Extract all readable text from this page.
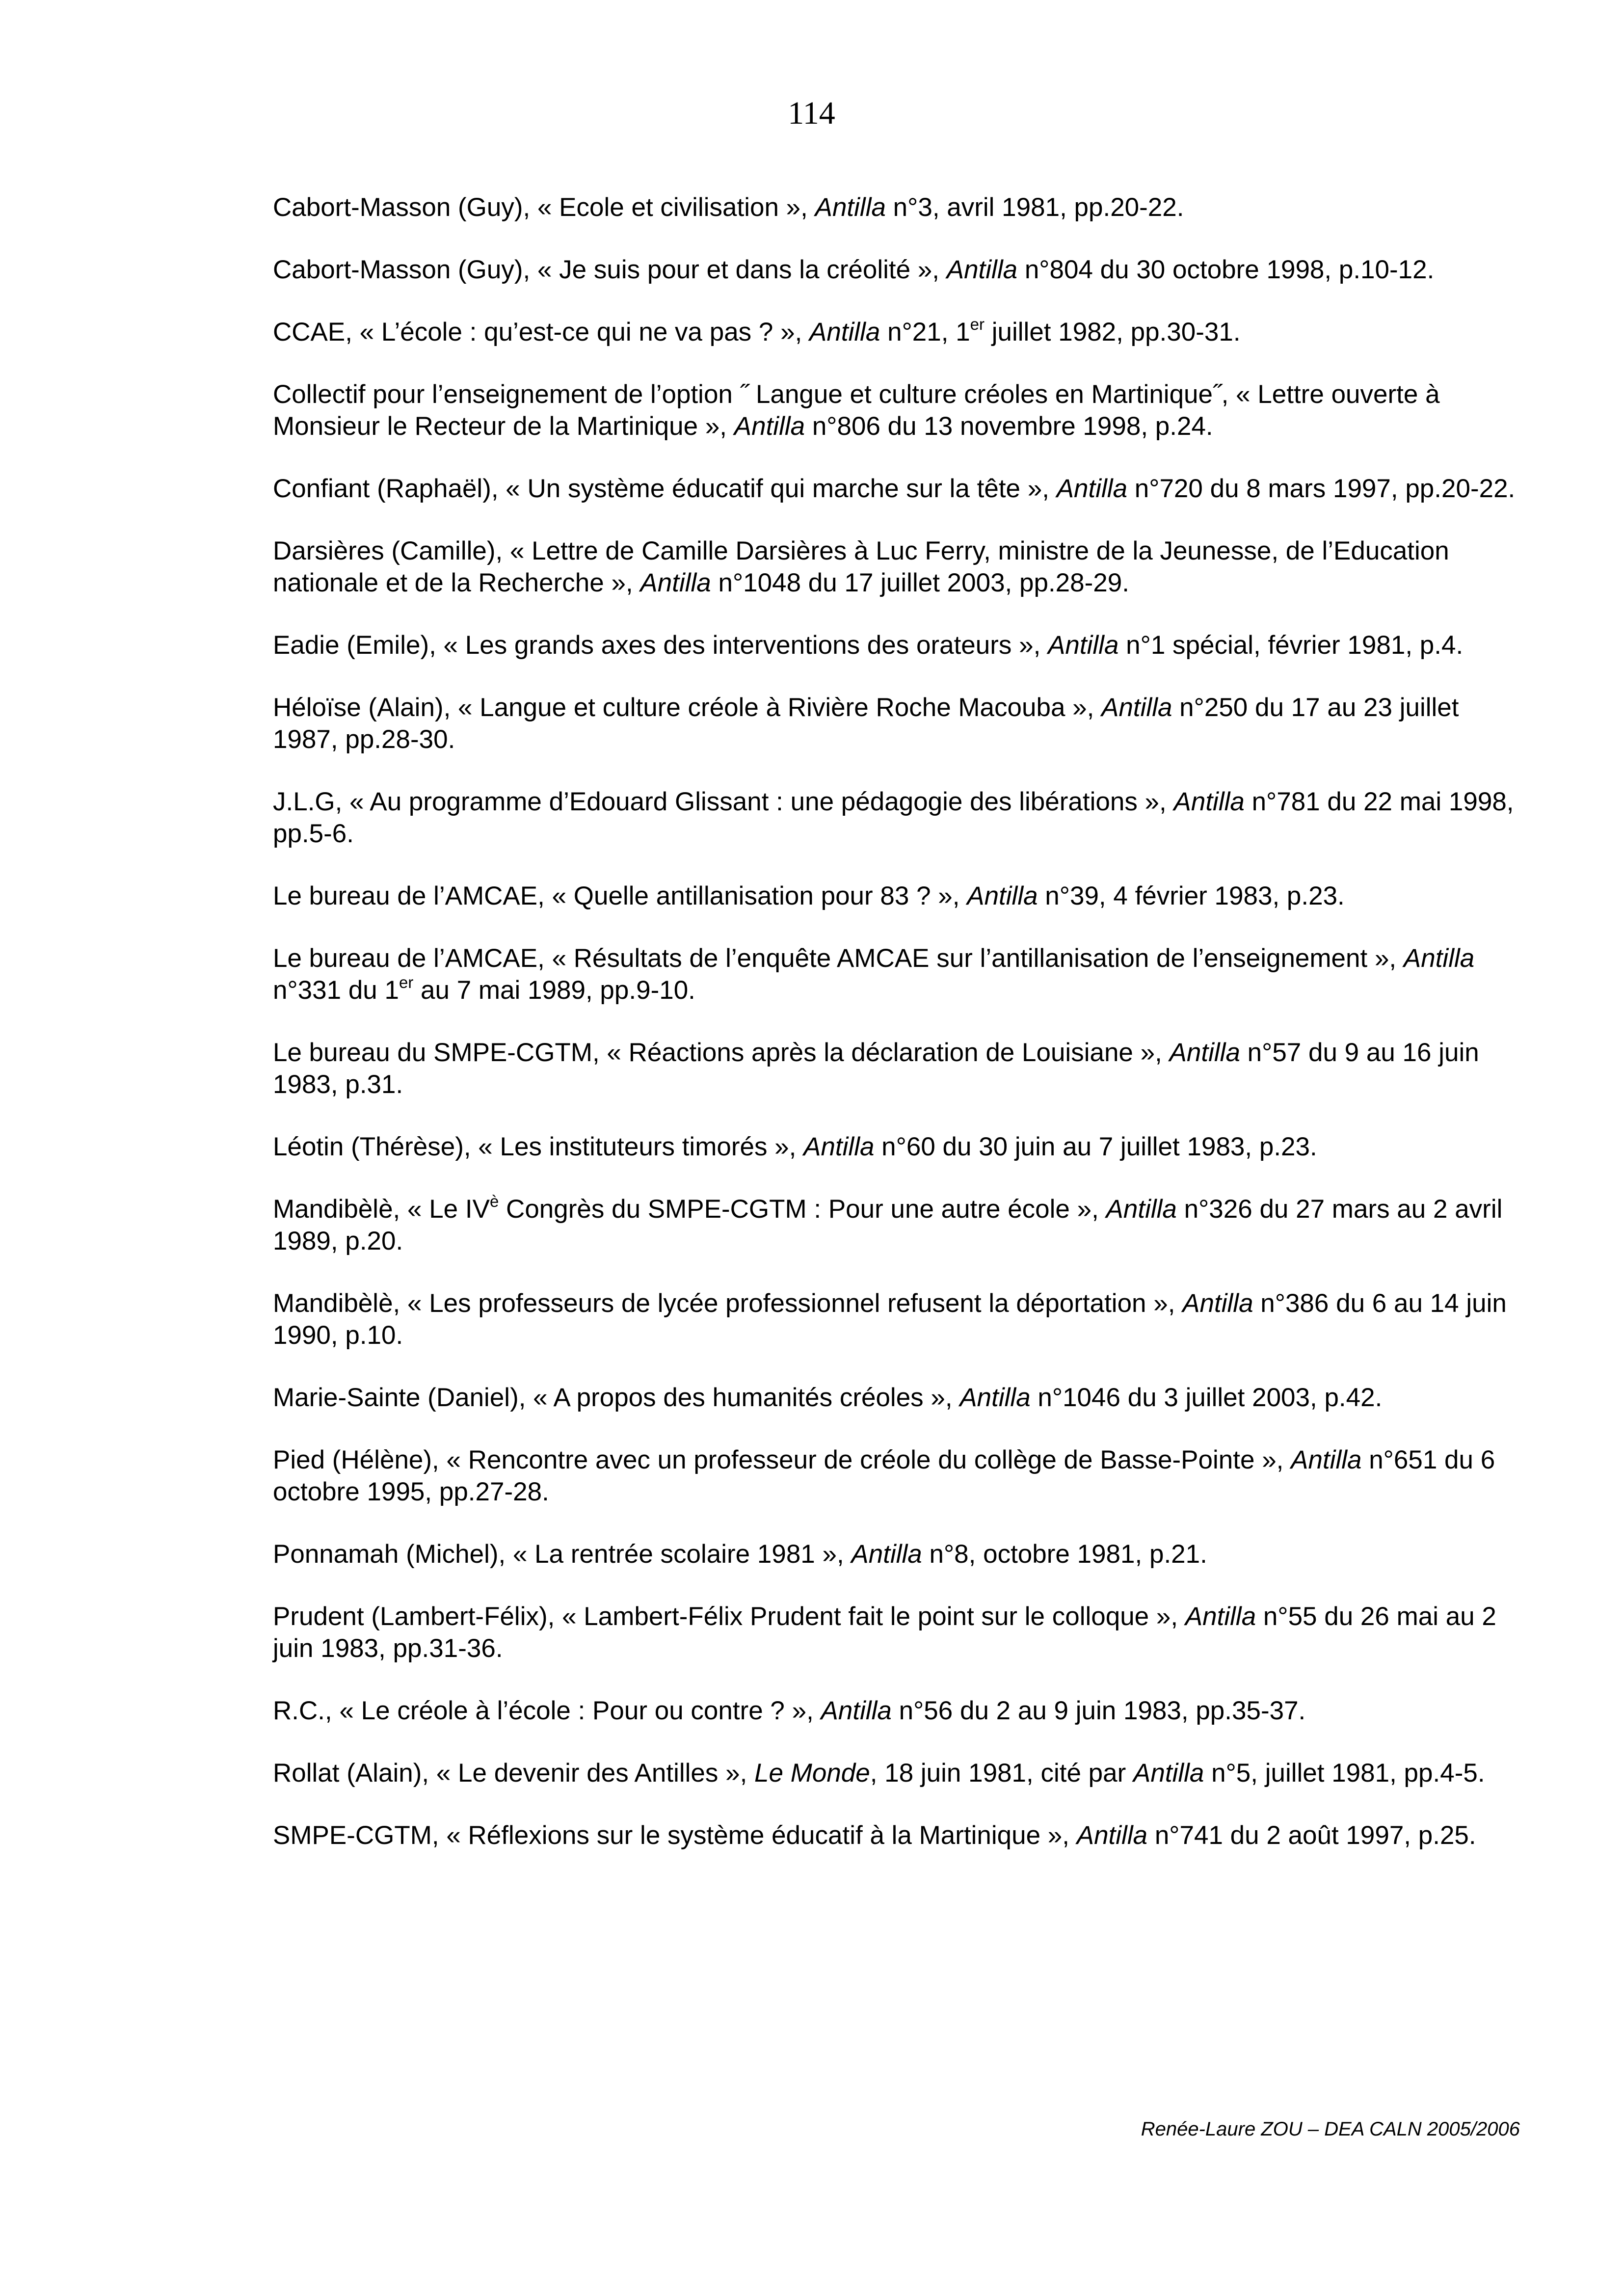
114
Cabort-Masson (Guy), « Ecole et civilisation », Antilla n°3, avril 1981, pp.20-22.
Cabort-Masson (Guy), « Je suis pour et dans la créolité », Antilla n°804 du 30 octobre 1998, p.10-12.
CCAE, « L’école : qu’est-ce qui ne va pas ? », Antilla n°21, 1er juillet 1982, pp.30-31.
Collectif pour l’enseignement de l’option ˝ Langue et culture créoles en Martinique˝, « Lettre ouverte à Monsieur le Recteur de la Martinique », Antilla n°806 du 13 novembre 1998, p.24.
Confiant (Raphaël), « Un système éducatif qui marche sur la tête », Antilla n°720 du 8 mars 1997, pp.20-22.
Darsières (Camille), « Lettre de Camille Darsières à Luc Ferry, ministre de la Jeunesse, de l’Education nationale et de la Recherche », Antilla n°1048 du 17 juillet 2003, pp.28-29.
Eadie (Emile), « Les grands axes des interventions des orateurs », Antilla n°1 spécial, février 1981, p.4.
Héloïse (Alain), « Langue et culture créole à Rivière Roche Macouba », Antilla n°250 du 17 au 23 juillet 1987, pp.28-30.
J.L.G, « Au programme d’Edouard Glissant : une pédagogie des libérations », Antilla n°781 du 22 mai 1998, pp.5-6.
Le bureau de l’AMCAE, « Quelle antillanisation pour 83 ? », Antilla n°39, 4 février 1983, p.23.
Le bureau de l’AMCAE, « Résultats de l’enquête AMCAE sur l’antillanisation de l’enseignement », Antilla n°331 du 1er au 7 mai 1989, pp.9-10.
Le bureau du SMPE-CGTM, « Réactions après la déclaration de Louisiane », Antilla n°57 du 9 au 16 juin 1983, p.31.
Léotin (Thérèse), « Les instituteurs timorés », Antilla n°60 du 30 juin au 7 juillet 1983, p.23.
Mandibèlè, « Le $IV^è$ Congrès du SMPE-CGTM : Pour une autre école », Antilla n°326 du 27 mars au 2 avril 1989, p.20.
Mandibèlè, « Les professeurs de lycée professionnel refusent la déportation », Antilla n°386 du 6 au 14 juin 1990, p.10.
Marie-Sainte (Daniel), « A propos des humanités créoles », Antilla n°1046 du 3 juillet 2003, p.42.
Pied (Hélène), « Rencontre avec un professeur de créole du collège de Basse-Pointe », Antilla n°651 du 6 octobre 1995, pp.27-28.
Ponnamah (Michel), « La rentrée scolaire 1981 », Antilla n°8, octobre 1981, p.21.
Prudent (Lambert-Félix), « Lambert-Félix Prudent fait le point sur le colloque », Antilla n°55 du 26 mai au 2 juin 1983, pp.31-36.
R.C., « Le créole à l’école : Pour ou contre ? », Antilla n°56 du 2 au 9 juin 1983, pp.35-37.
Rollat (Alain), « Le devenir des Antilles », Le Monde, 18 juin 1981, cité par Antilla n°5, juillet 1981, pp.4-5.
SMPE-CGTM, « Réflexions sur le système éducatif à la Martinique », Antilla n°741 du 2 août 1997, p.25.
Renée-Laure ZOU – DEA CALN 2005/2006
